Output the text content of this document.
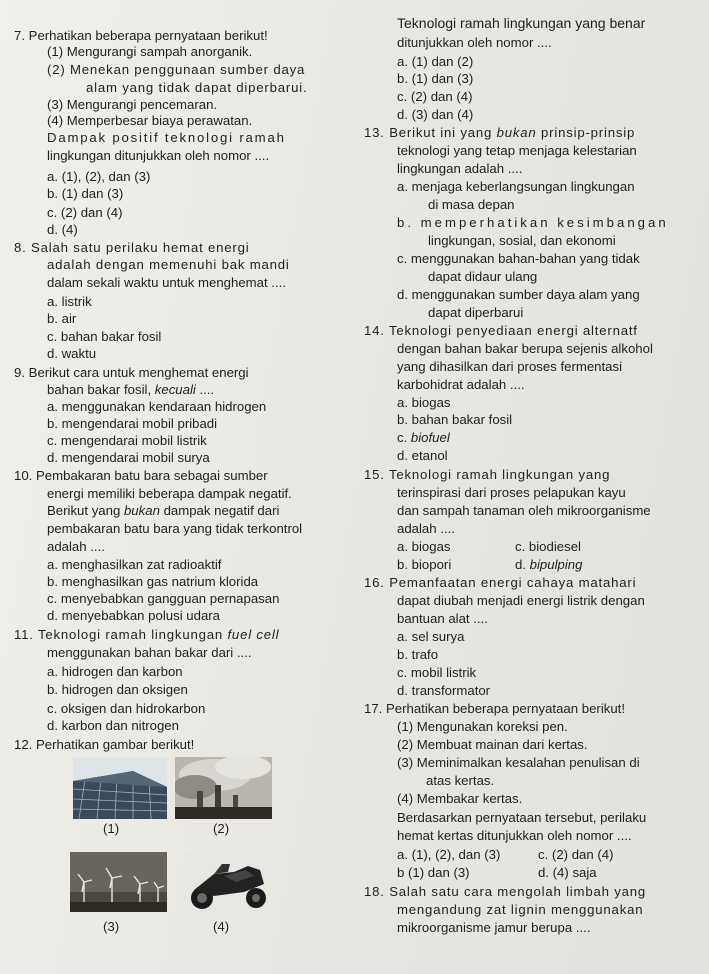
7. Perhatikan beberapa pernyataan berikut!
(1) Mengurangi sampah anorganik.
(2) Menekan penggunaan sumber daya
alam yang tidak dapat diperbarui.
(3) Mengurangi pencemaran.
(4) Memperbesar biaya perawatan.
Dampak positif teknologi ramah
lingkungan ditunjukkan oleh nomor ....
a. (1), (2), dan (3)
b. (1) dan (3)
c. (2) dan (4)
d. (4)
8. Salah satu perilaku hemat energi
adalah dengan memenuhi bak mandi
dalam sekali waktu untuk menghemat ....
a. listrik
b. air
c. bahan bakar fosil
d. waktu
9. Berikut cara untuk menghemat energi
bahan bakar fosil, kecuali ....
a. menggunakan kendaraan hidrogen
b. mengendarai mobil pribadi
c. mengendarai mobil listrik
d. mengendarai mobil surya
10. Pembakaran batu bara sebagai sumber
energi memiliki beberapa dampak negatif.
Berikut yang bukan dampak negatif dari
pembakaran batu bara yang tidak terkontrol
adalah ....
a. menghasilkan zat radioaktif
b. menghasilkan gas natrium klorida
c. menyebabkan gangguan pernapasan
d. menyebabkan polusi udara
11. Teknologi ramah lingkungan fuel cell
menggunakan bahan bakar dari ....
a. hidrogen dan karbon
b. hidrogen dan oksigen
c. oksigen dan hidrokarbon
d. karbon dan nitrogen
12. Perhatikan gambar berikut!
(1)	(2)
(3)	(4)
Teknologi ramah lingkungan yang benar
ditunjukkan oleh nomor ....
a. (1) dan (2)
b. (1) dan (3)
c. (2) dan (4)
d. (3) dan (4)
13. Berikut ini yang bukan prinsip-prinsip
teknologi yang tetap menjaga kelestarian
lingkungan adalah ....
a. menjaga keberlangsungan lingkungan
di masa depan
b. memperhatikan kesimbangan
lingkungan, sosial, dan ekonomi
c. menggunakan bahan-bahan yang tidak
dapat didaur ulang
d. menggunakan sumber daya alam yang
dapat diperbarui
14. Teknologi penyediaan energi alternatf
dengan bahan bakar berupa sejenis alkohol
yang dihasilkan dari proses fermentasi
karbohidrat adalah ....
a. biogas
b. bahan bakar fosil
c. biofuel
d. etanol
15. Teknologi ramah lingkungan yang
terinspirasi dari proses pelapukan kayu
dan sampah tanaman oleh mikroorganisme
adalah ....
a. biogas
b. biopori
c. biodiesel
d. bipulping
16. Pemanfaatan energi cahaya matahari
dapat diubah menjadi energi listrik dengan
bantuan alat ....
a. sel surya
b. trafo
c. mobil listrik
d. transformator
17. Perhatikan beberapa pernyataan berikut!
(1) Mengunakan koreksi pen.
(2) Membuat mainan dari kertas.
(3) Meminimalkan kesalahan penulisan di
atas kertas.
(4) Membakar kertas.
Berdasarkan pernyataan tersebut, perilaku
hemat kertas ditunjukkan oleh nomor ....
a. (1), (2), dan (3)
b (1) dan (3)
c. (2) dan (4)
d. (4) saja
18. Salah satu cara mengolah limbah yang
mengandung zat lignin menggunakan
mikroorganisme jamur berupa ....
